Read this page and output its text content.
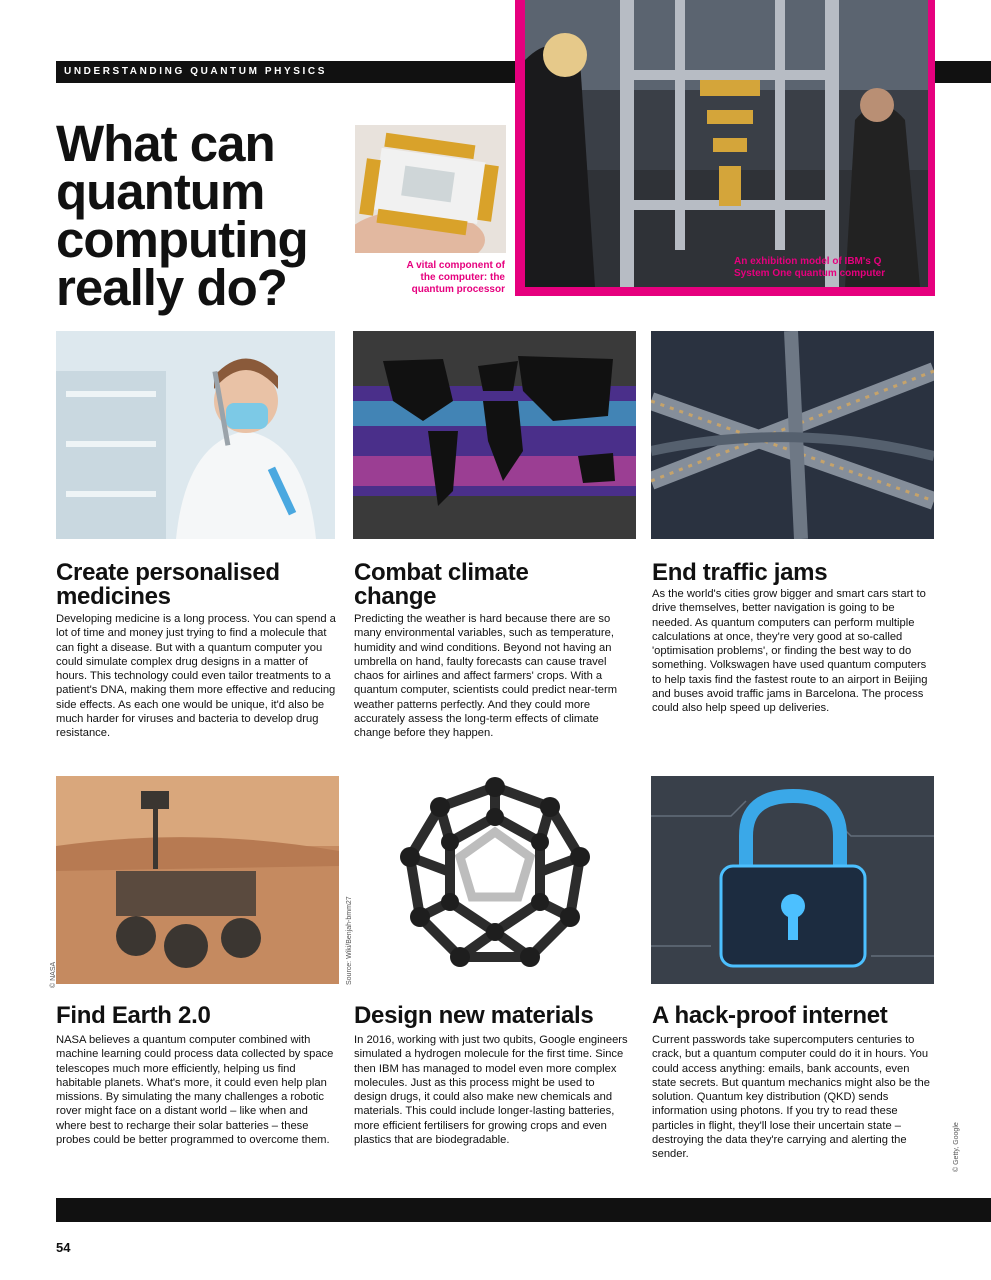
UNDERSTANDING QUANTUM PHYSICS
What can quantum computing really do?	A vital component of the computer: the quantum processor
An exhibition model of IBM's Q System One quantum computer
Create personalised medicines
Developing medicine is a long process. You can spend a lot of time and money just trying to find a molecule that can fight a disease. But with a quantum computer you could simulate complex drug designs in a matter of hours. This technology could even tailor treatments to a patient's DNA, making them more effective and reducing side effects. As each one would be unique, it'd also be much harder for viruses and bacteria to develop drug resistance.
Combat climate change
Predicting the weather is hard because there are so many environmental variables, such as temperature, humidity and wind conditions. Beyond not having an umbrella on hand, faulty forecasts can cause travel chaos for airlines and affect farmers' crops. With a quantum computer, scientists could predict near-term weather patterns perfectly. And they could more accurately assess the long-term effects of climate change before they happen.
End traffic jams
As the world's cities grow bigger and smart cars start to drive themselves, better navigation is going to be needed. As quantum computers can perform multiple calculations at once, they're very good at so-called 'optimisation problems', or finding the best way to do something. Volkswagen have used quantum computers to help taxis find the fastest route to an airport in Beijing and buses avoid traffic jams in Barcelona. The process could also help speed up deliveries.
© NASA	Source: Wiki/Benjah-bmm27
© Getty, Google
Find Earth 2.0
NASA believes a quantum computer combined with machine learning could process data collected by space telescopes much more efficiently, helping us find habitable planets. What's more, it could even help plan missions. By simulating the many challenges a robotic rover might face on a distant world – like when and where best to recharge their solar batteries – these probes could be better programmed to overcome them.
Design new materials
In 2016, working with just two qubits, Google engineers simulated a hydrogen molecule for the first time. Since then IBM has managed to model even more complex molecules. Just as this process might be used to design drugs, it could also make new chemicals and materials. This could include longer-lasting batteries, more efficient fertilisers for growing crops and even plastics that are biodegradable.
A hack-proof internet
Current passwords take supercomputers centuries to crack, but a quantum computer could do it in hours. You could access anything: emails, bank accounts, even state secrets. But quantum mechanics might also be the solution. Quantum key distribution (QKD) sends information using photons. If you try to read these particles in flight, they'll lose their uncertain state – destroying the data they're carrying and alerting the sender.
54
